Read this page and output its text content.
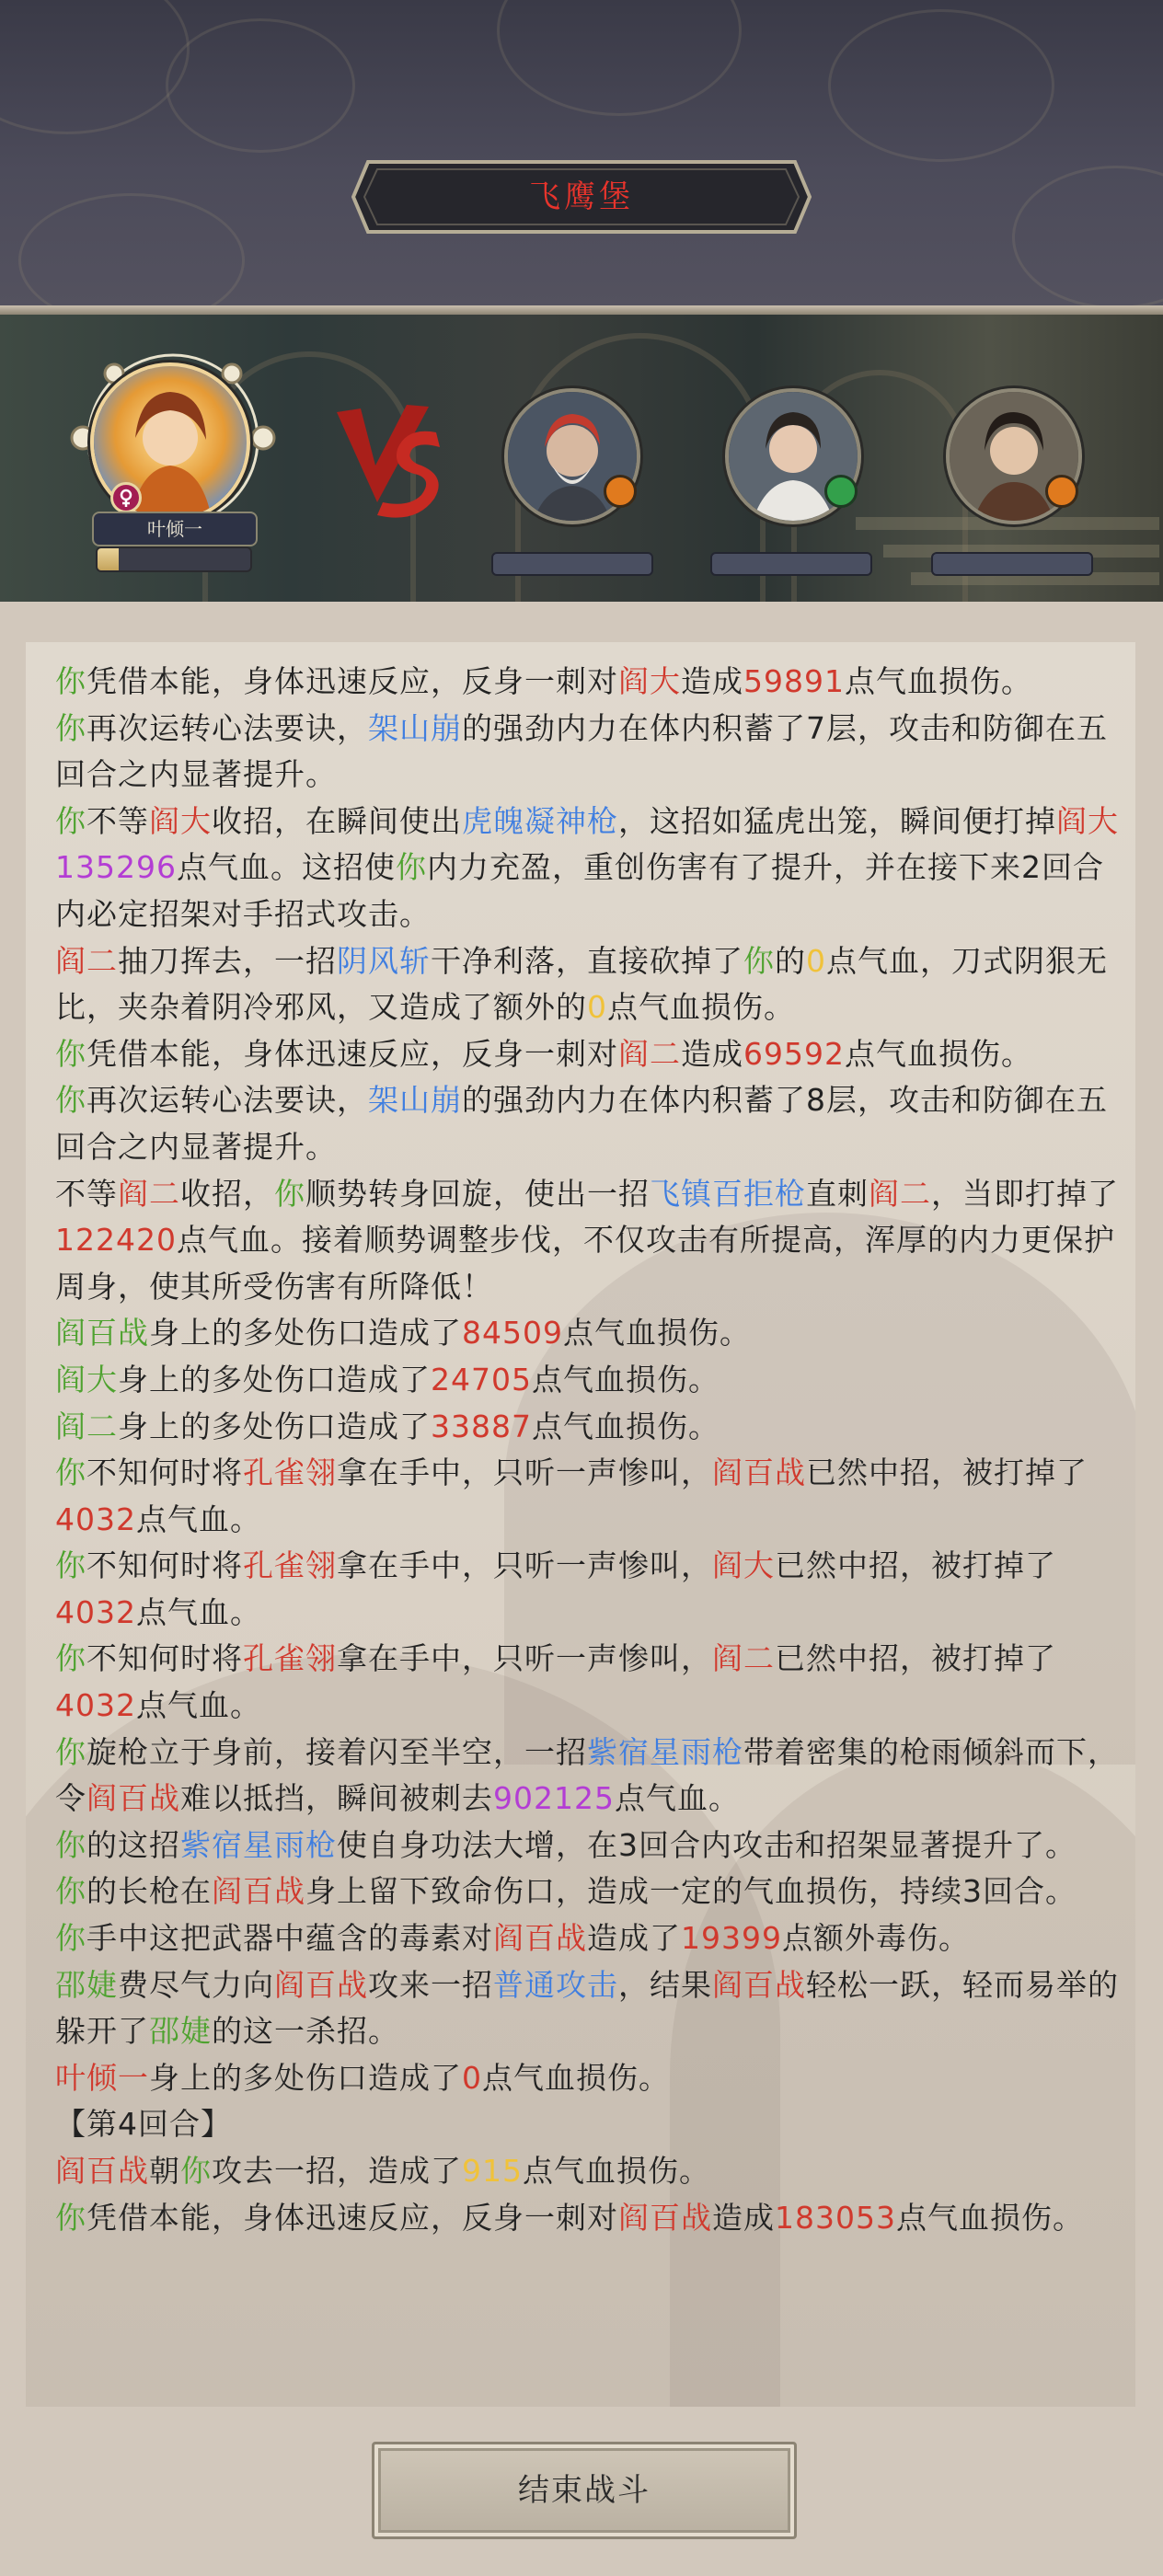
飞鹰堡
叶倾一

你凭借本能，身体迅速反应，反身一刺对阎大造成59891点气血损伤。

你再次运转心法要诀，架山崩的强劲内力在体内积蓄了7层，攻击和防御在五回合之内显著提升。

你不等阎大收招，在瞬间使出虎魄凝神枪，这招如猛虎出笼，瞬间便打掉阎大135296点气血。这招使你内力充盈，重创伤害有了提升，并在接下来2回合内必定招架对手招式攻击。

阎二抽刀挥去，一招阴风斩干净利落，直接砍掉了你的0点气血，刀式阴狠无比，夹杂着阴冷邪风，又造成了额外的0点气血损伤。

你凭借本能，身体迅速反应，反身一刺对阎二造成69592点气血损伤。

你再次运转心法要诀，架山崩的强劲内力在体内积蓄了8层，攻击和防御在五回合之内显著提升。

不等阎二收招，你顺势转身回旋，使出一招飞镇百拒枪直刺阎二，当即打掉了122420点气血。接着顺势调整步伐，不仅攻击有所提高，浑厚的内力更保护周身，使其所受伤害有所降低！

阎百战身上的多处伤口造成了84509点气血损伤。

阎大身上的多处伤口造成了24705点气血损伤。

阎二身上的多处伤口造成了33887点气血损伤。

你不知何时将孔雀翎拿在手中，只听一声惨叫，阎百战已然中招，被打掉了4032点气血。

你不知何时将孔雀翎拿在手中，只听一声惨叫，阎大已然中招，被打掉了4032点气血。

你不知何时将孔雀翎拿在手中，只听一声惨叫，阎二已然中招，被打掉了4032点气血。

你旋枪立于身前，接着闪至半空，一招紫宿星雨枪带着密集的枪雨倾斜而下，令阎百战难以抵挡，瞬间被刺去902125点气血。

你的这招紫宿星雨枪使自身功法大增，在3回合内攻击和招架显著提升了。

你的长枪在阎百战身上留下致命伤口，造成一定的气血损伤，持续3回合。

你手中这把武器中蕴含的毒素对阎百战造成了19399点额外毒伤。

邵婕费尽气力向阎百战攻来一招普通攻击，结果阎百战轻松一跃，轻而易举的躲开了邵婕的这一杀招。

叶倾一身上的多处伤口造成了0点气血损伤。

【第4回合】

阎百战朝你攻去一招，造成了915点气血损伤。

你凭借本能，身体迅速反应，反身一刺对阎百战造成183053点气血损伤。

结束战斗
